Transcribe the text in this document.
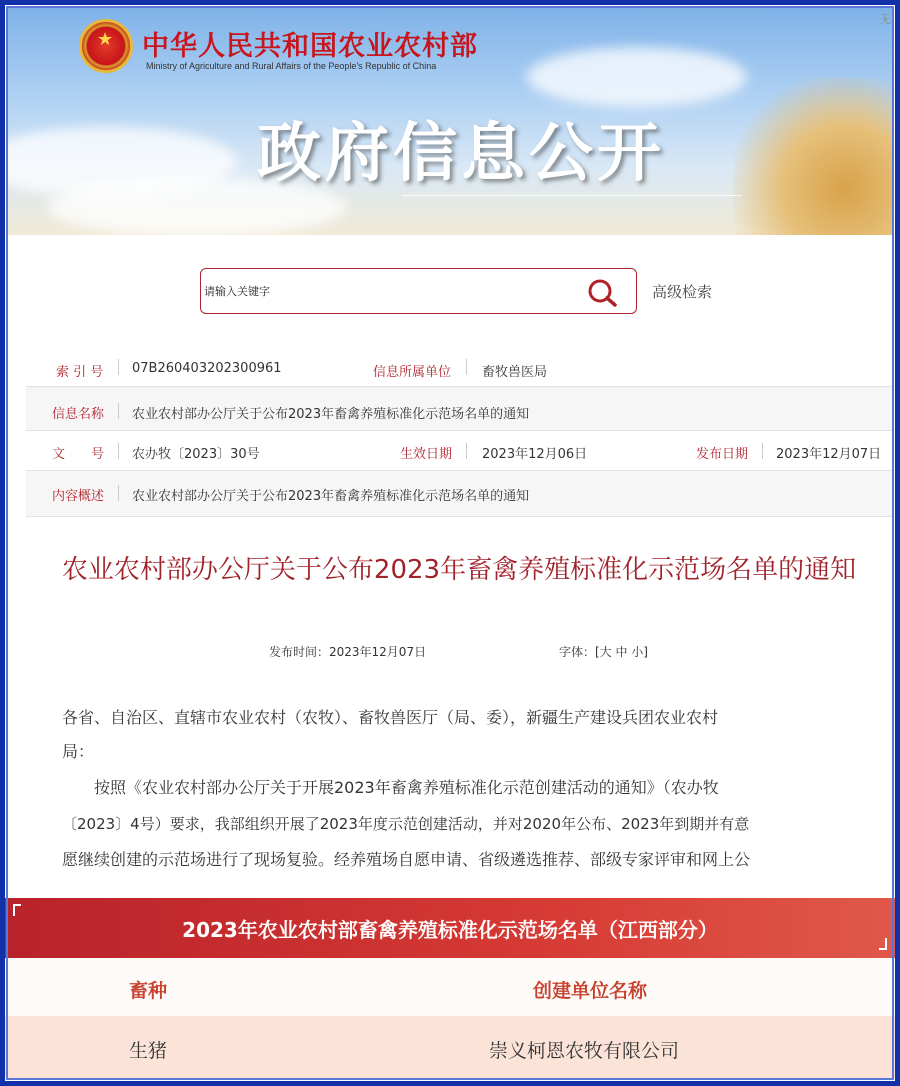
★ 中华人民共和国农业农村部
Ministry of Agriculture and Rural Affairs of the People's Republic of China
政府信息公开
无
请输入关键字
高级检索
索 引 号 07B260403202300961	信息所属单位 畜牧兽医局
信息名称 农业农村部办公厅关于公布2023年畜禽养殖标准化示范场名单的通知
文　　号 农办牧〔2023〕30号	生效日期 2023年12月06日	发布日期 2023年12月07日
内容概述 农业农村部办公厅关于公布2023年畜禽养殖标准化示范场名单的通知
农业农村部办公厅关于公布2023年畜禽养殖标准化示范场名单的通知
发布时间：2023年12月07日	字体：[大 中 小]
各省、自治区、直辖市农业农村（农牧）、畜牧兽医厅（局、委），新疆生产建设兵团农业农村
局：
　　按照《农业农村部办公厅关于开展2023年畜禽养殖标准化示范创建活动的通知》（农办牧
〔2023〕4号）要求，我部组织开展了2023年度示范创建活动，并对2020年公布、2023年到期并有意
愿继续创建的示范场进行了现场复验。经养殖场自愿申请、省级遴选推荐、部级专家评审和网上公
2023年农业农村部畜禽养殖标准化示范场名单（江西部分）
畜种	创建单位名称
生猪	崇义柯恩农牧有限公司
